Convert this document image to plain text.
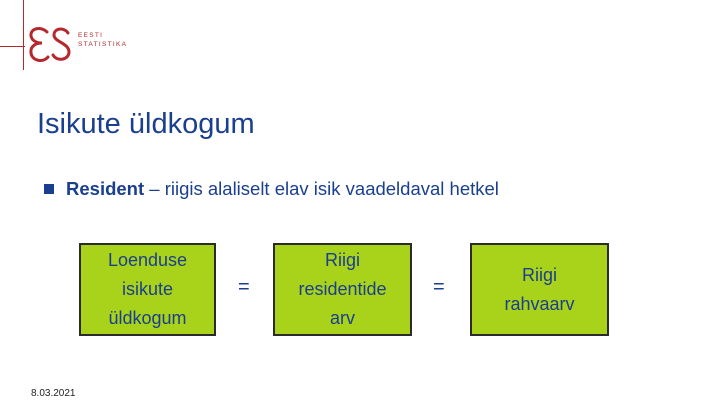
EESTI
STATISTIKA
Isikute üldkogum
Resident – riigis alaliselt elav isik vaadeldaval hetkel
Loenduse
isikute
üldkogum
=
Riigi
residentide
arv
=
Riigi
rahvaarv
8.03.2021
